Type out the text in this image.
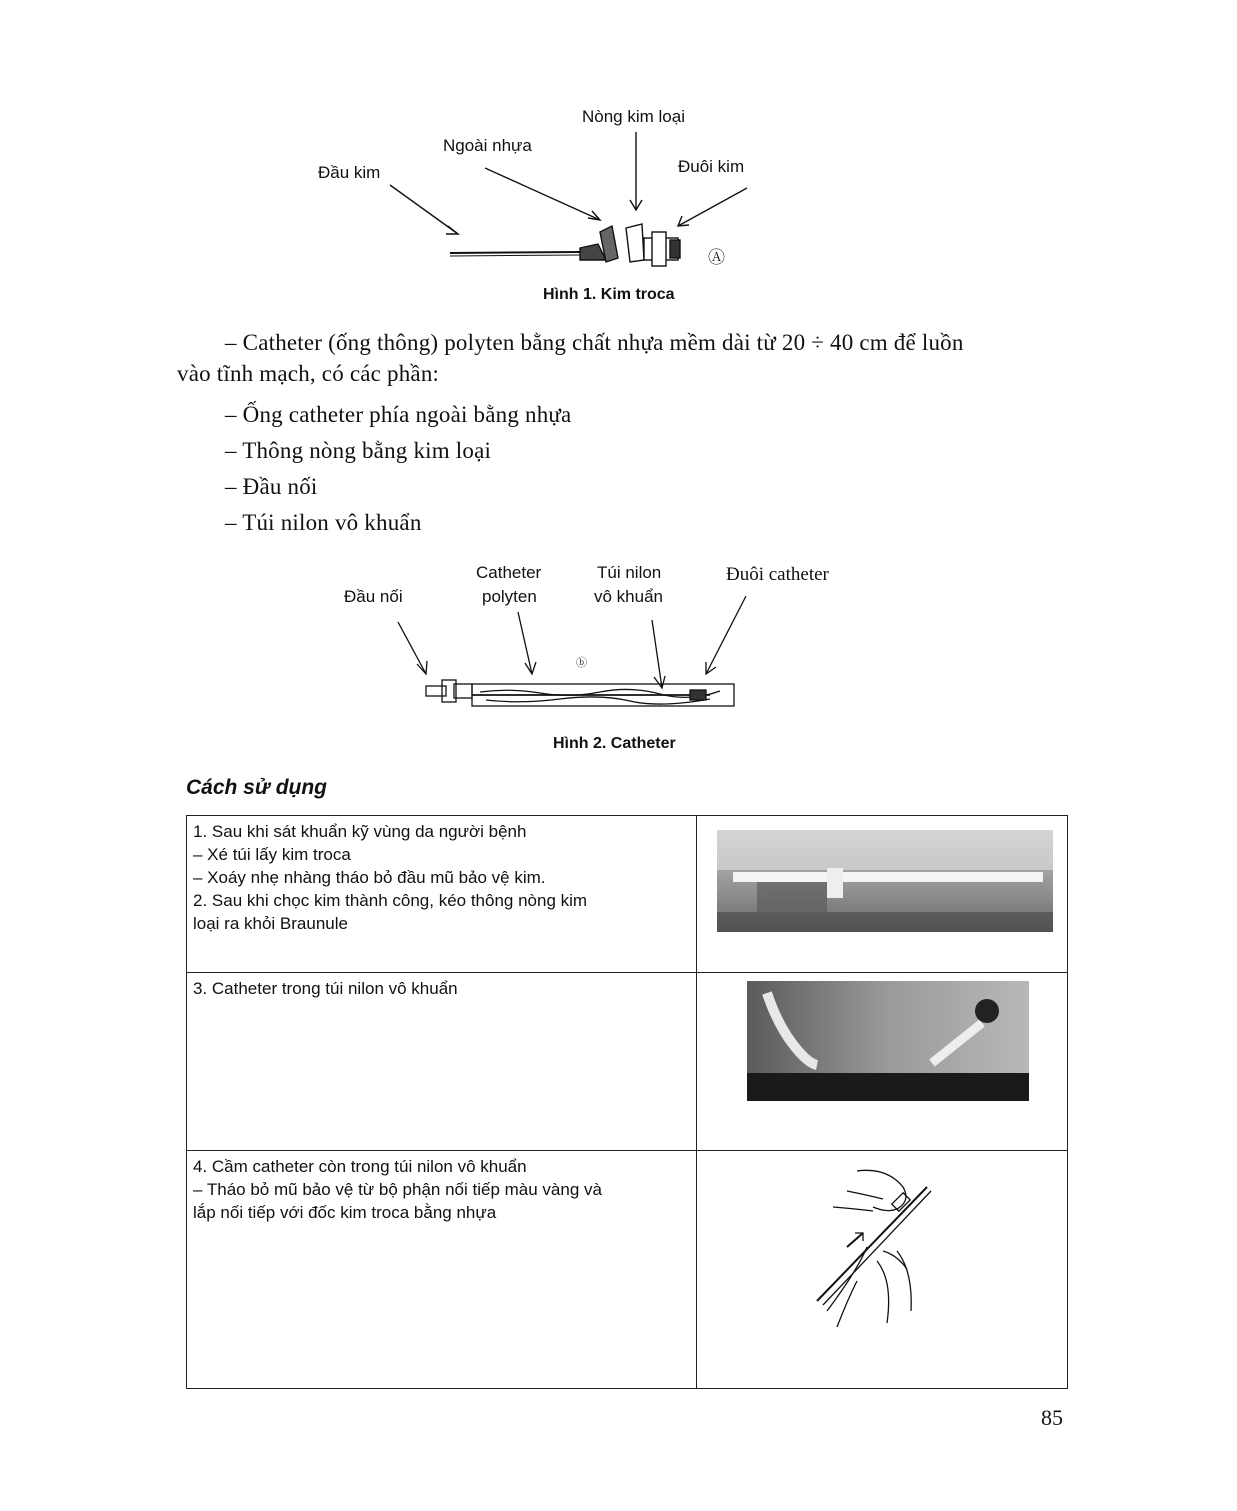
Nòng kim loại
Ngoài nhựa
Đầu kim	Đuôi kim
Ⓐ
Hình 1. Kim troca
– Catheter (ống thông) polyten bằng chất nhựa mềm dài từ 20 ÷ 40 cm để luồn
vào tĩnh mạch, có các phần:
– Ống catheter phía ngoài bằng nhựa
– Thông nòng bằng kim loại
– Đầu nối
– Túi nilon vô khuẩn
Catheter
polyten
Túi nilon
vô khuẩn
Đầu nối
Đuôi catheter
ⓑ
Hình 2. Catheter
Cách sử dụng
1. Sau khi sát khuẩn kỹ vùng da người bệnh
– Xé túi lấy kim troca
– Xoáy nhẹ nhàng tháo bỏ đầu mũ bảo vệ kim.
2. Sau khi chọc kim thành công, kéo thông nòng kim
loại ra khỏi Braunule

3. Catheter trong túi nilon vô khuẩn

4. Cầm catheter còn trong túi nilon vô khuẩn
– Tháo bỏ mũ bảo vệ từ bộ phận nối tiếp màu vàng và
lắp nối tiếp với đốc kim troca bằng nhựa

85
